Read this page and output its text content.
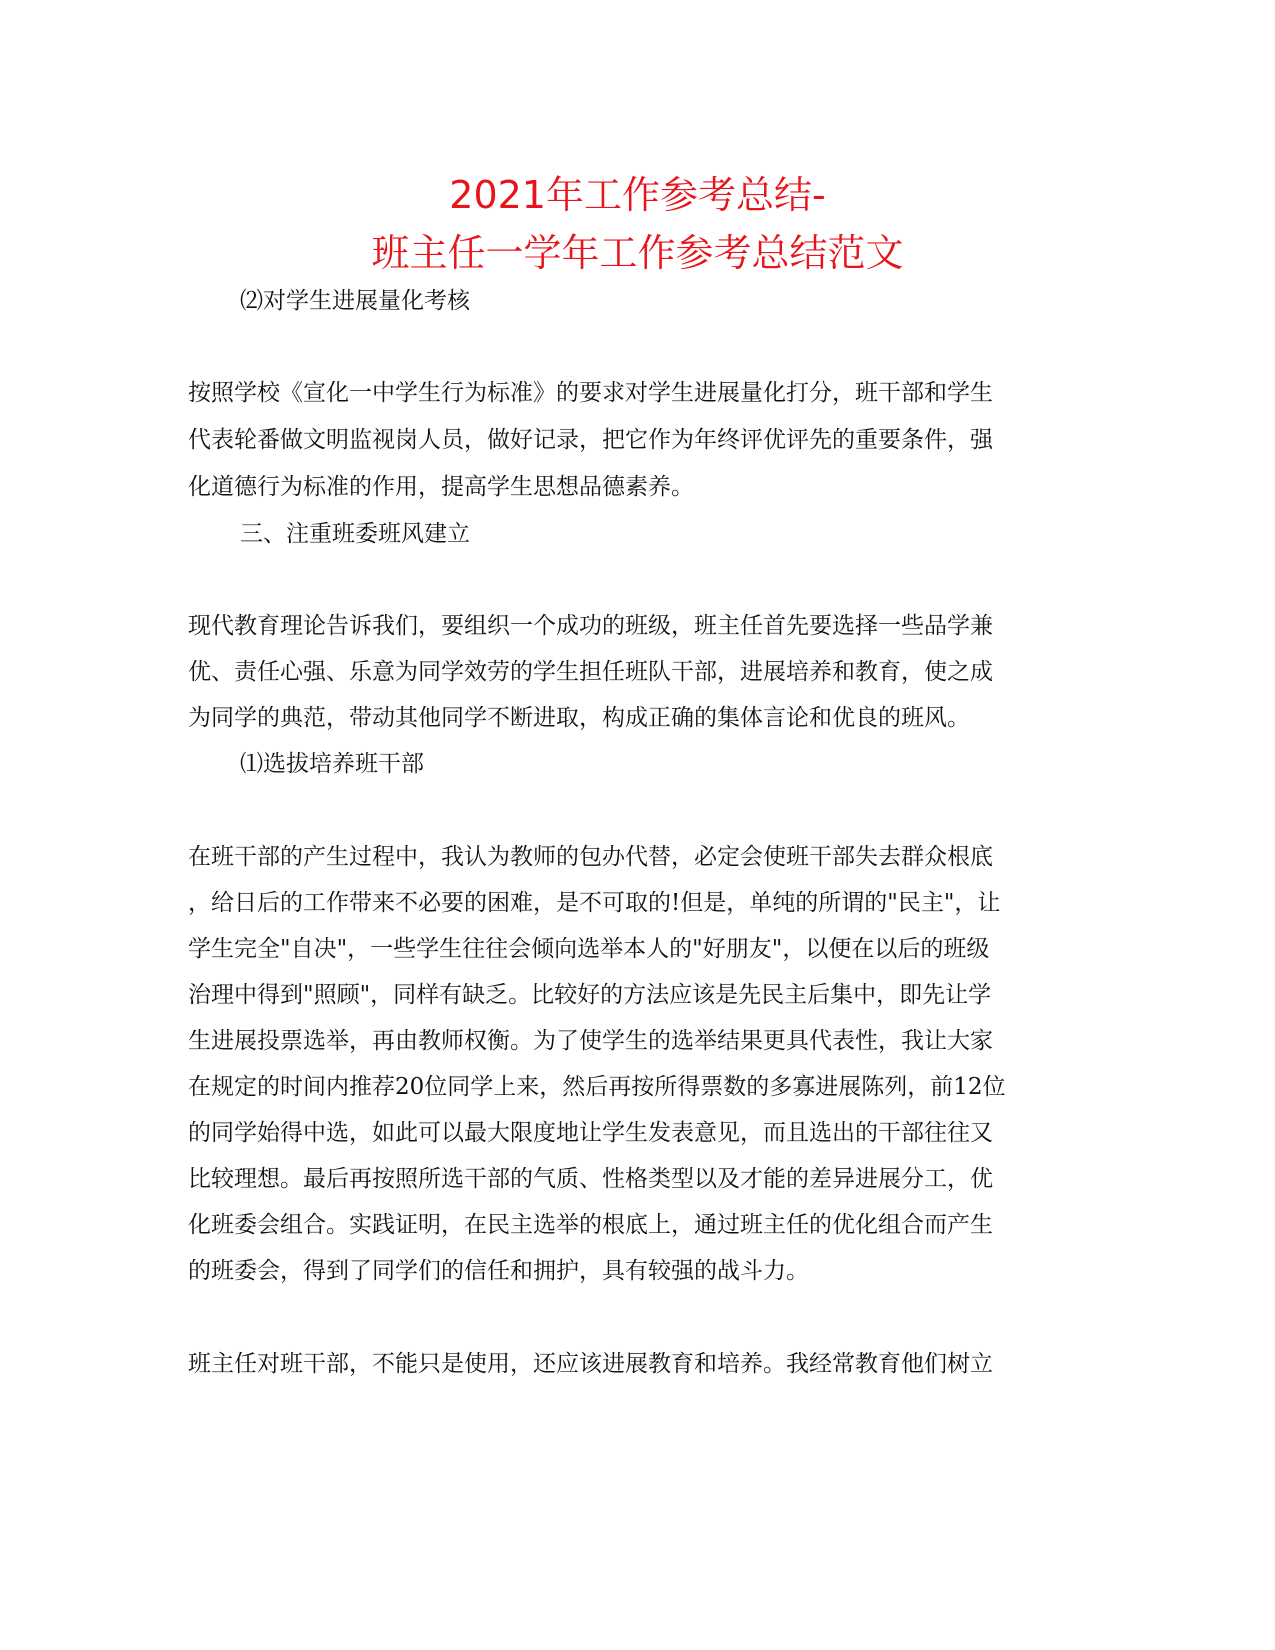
2021年工作参考总结-
班主任一学年工作参考总结范文
⑵对学生进展量化考核
按照学校《宣化一中学生行为标准》的要求对学生进展量化打分，班干部和学生
代表轮番做文明监视岗人员，做好记录，把它作为年终评优评先的重要条件，强
化道德行为标准的作用，提高学生思想品德素养。
三、注重班委班风建立
现代教育理论告诉我们，要组织一个成功的班级，班主任首先要选择一些品学兼
优、责任心强、乐意为同学效劳的学生担任班队干部，进展培养和教育，使之成
为同学的典范，带动其他同学不断进取，构成正确的集体言论和优良的班风。
⑴选拔培养班干部
在班干部的产生过程中，我认为教师的包办代替，必定会使班干部失去群众根底
，给日后的工作带来不必要的困难，是不可取的!但是，单纯的所谓的"民主"，让
学生完全"自决"，一些学生往往会倾向选举本人的"好朋友"，以便在以后的班级
治理中得到"照顾"，同样有缺乏。比较好的方法应该是先民主后集中，即先让学
生进展投票选举，再由教师权衡。为了使学生的选举结果更具代表性，我让大家
在规定的时间内推荐20位同学上来，然后再按所得票数的多寡进展陈列，前12位
的同学始得中选，如此可以最大限度地让学生发表意见，而且选出的干部往往又
比较理想。最后再按照所选干部的气质、性格类型以及才能的差异进展分工，优
化班委会组合。实践证明，在民主选举的根底上，通过班主任的优化组合而产生
的班委会，得到了同学们的信任和拥护，具有较强的战斗力。
班主任对班干部，不能只是使用，还应该进展教育和培养。我经常教育他们树立
